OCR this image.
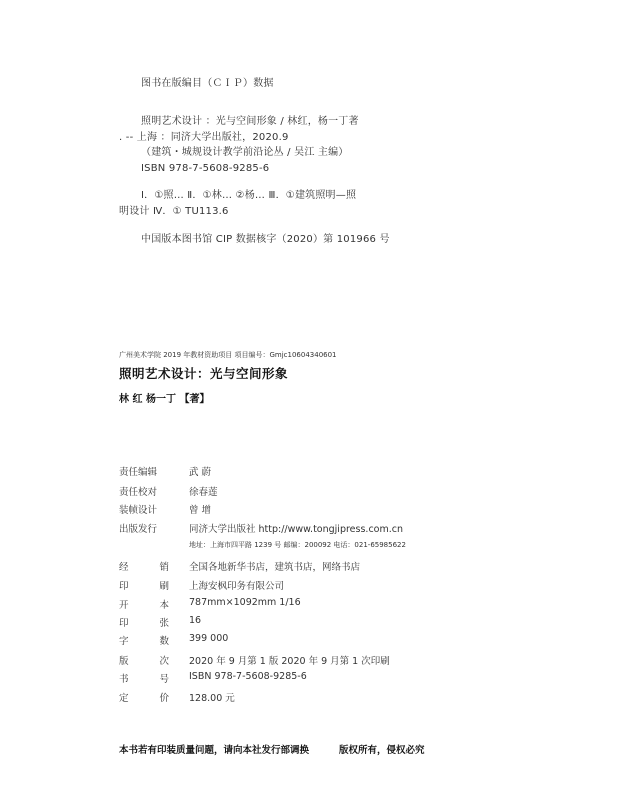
图书在版编目（ＣＩＰ）数据
照明艺术设计 ：光与空间形象 / 林红，杨一丁著
. -- 上海 ：同济大学出版社，2020.9
（建筑・城规设计教学前沿论丛 / 吴江 主编）
ISBN 978-7-5608-9285-6
Ⅰ．①照… Ⅱ．①林… ②杨… Ⅲ．①建筑照明—照
明设计 Ⅳ．① TU113.6
中国版本图书馆 CIP 数据核字（2020）第 101966 号
广州美术学院 2019 年教材资助项目 项目编号：Gmjc10604340601
照明艺术设计：光与空间形象
林 红 杨一丁 【著】
责任编辑	武 蔚
责任校对	徐春莲
装帧设计	曾 增
出版发行	同济大学出版社 http://www.tongjipress.com.cn
地址：上海市四平路 1239 号 邮编：200092 电话：021-65985622
经	销 全国各地新华书店，建筑书店，网络书店
印	刷 上海安枫印务有限公司
开	本 787mm×1092mm 1/16
印	张 16
字	数 399 000
版	次 2020 年 9 月第 1 版 2020 年 9 月第 1 次印刷
书	号 ISBN 978-7-5608-9285-6
定	价 128.00 元
本书若有印装质量问题，请向本社发行部调换	版权所有，侵权必究
